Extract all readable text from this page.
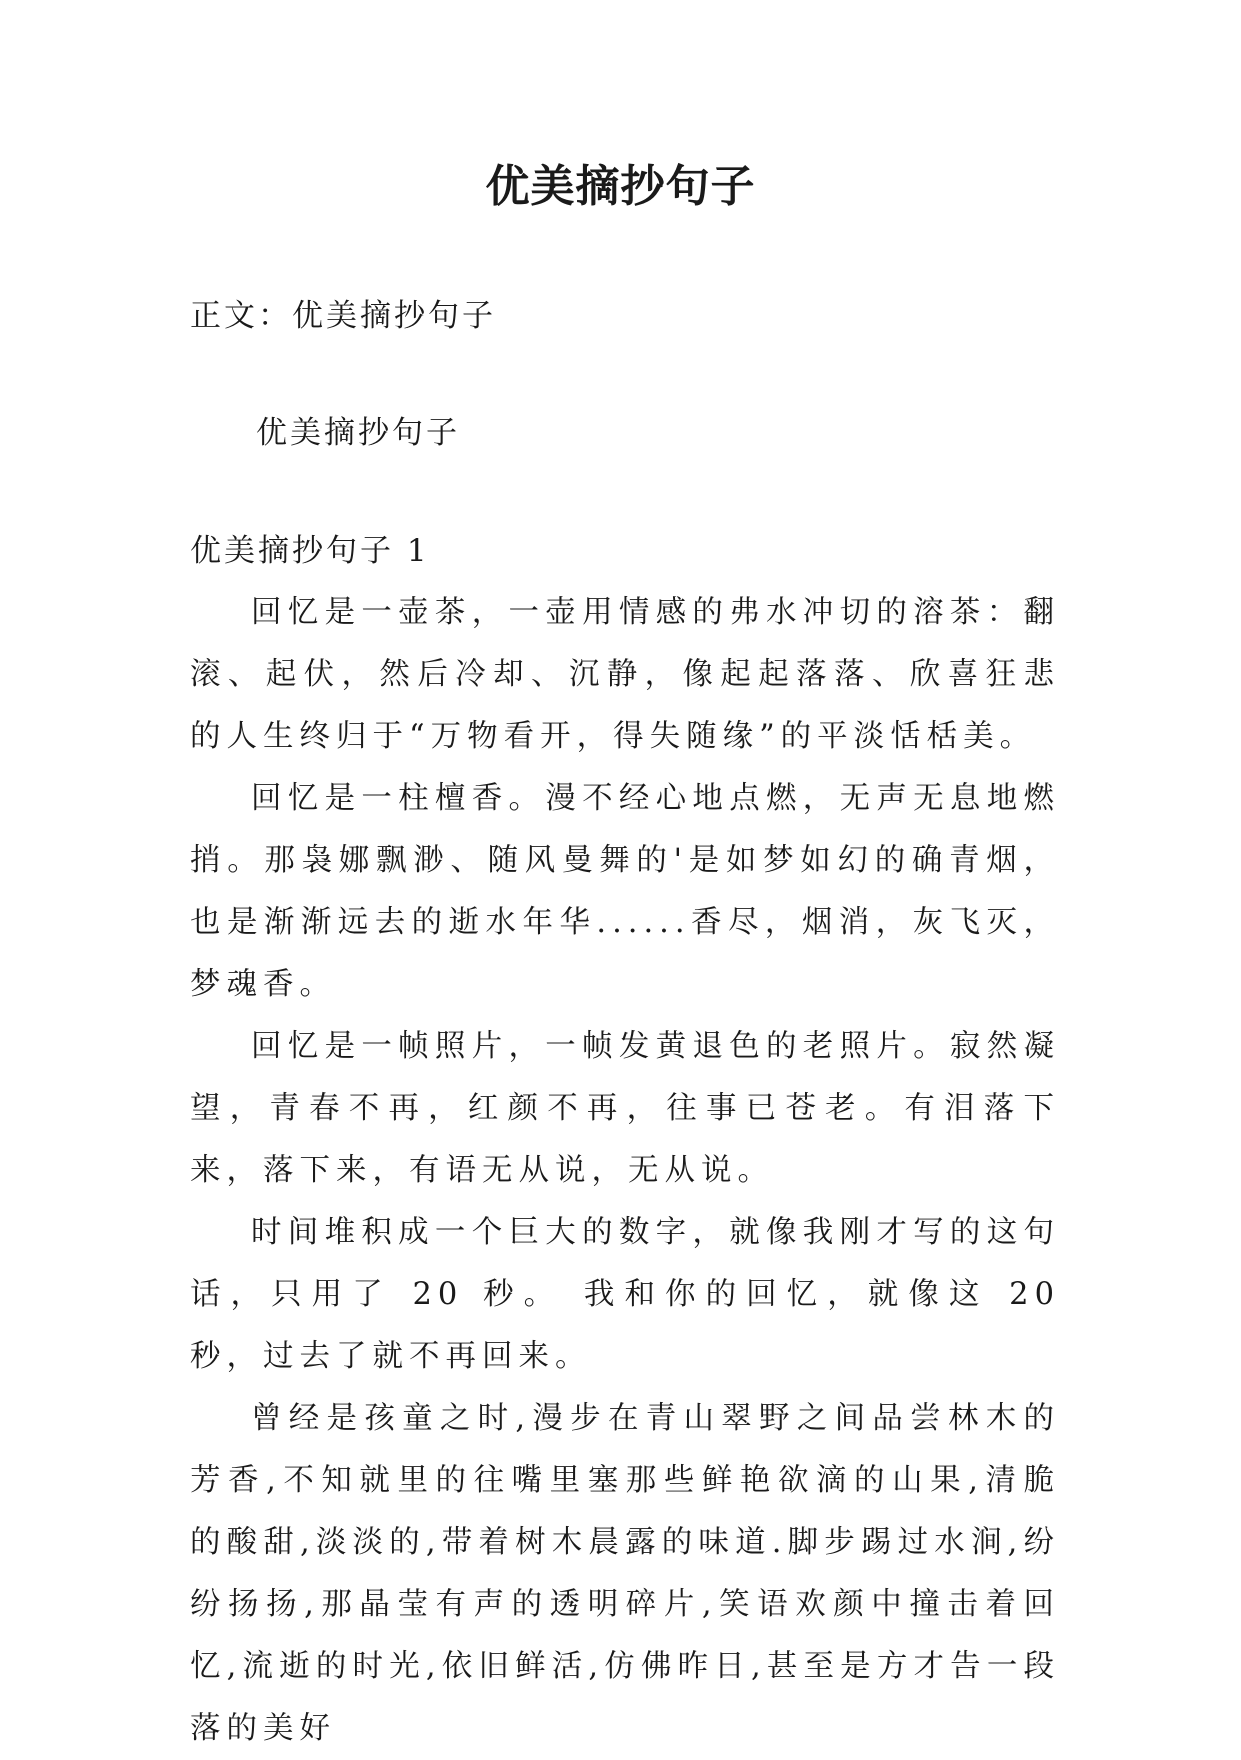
优美摘抄句子

正文：优美摘抄句子

优美摘抄句子

优美摘抄句子 1

回忆是一壶茶，一壶用情感的弗水冲切的溶茶：翻滚、起伏，然后冷却、沉静，像起起落落、欣喜狂悲的人生终归于“万物看开，得失随缘”的平淡恬栝美。

回忆是一柱檀香。漫不经心地点燃，无声无息地燃捎。那袅娜飘渺、随风曼舞的'是如梦如幻的确青烟，也是渐渐远去的逝水年华......香尽，烟消，灰飞灭，梦魂香。

回忆是一帧照片，一帧发黄退色的老照片。寂然凝望，青春不再，红颜不再，往事已苍老。有泪落下来，落下来，有语无从说，无从说。

时间堆积成一个巨大的数字，就像我刚才写的这句话，只用了 20 秒。 我和你的回忆，就像这 20 秒，过去了就不再回来。

曾经是孩童之时,漫步在青山翠野之间品尝林木的芳香,不知就里的往嘴里塞那些鲜艳欲滴的山果,清脆的酸甜,淡淡的,带着树木晨露的味道.脚步踢过水涧,纷纷扬扬,那晶莹有声的透明碎片,笑语欢颜中撞击着回忆,流逝的时光,依旧鲜活,仿佛昨日,甚至是方才告一段落的美好
